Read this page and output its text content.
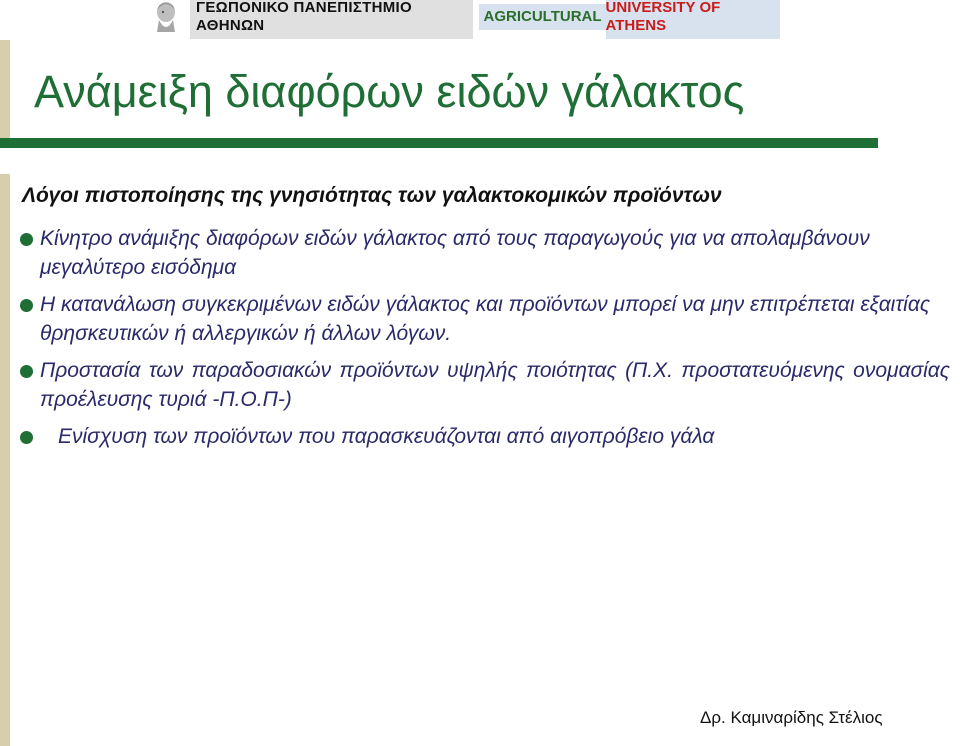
ΓΕΩΠΟΝΙΚΟ ΠΑΝΕΠΙΣΤΗΜΙΟ ΑΘΗΝΩΝ
AGRICULTURAL
UNIVERSITY OF ATHENS
Ανάμειξη διαφόρων ειδών γάλακτος

Λόγοι πιστοποίησης της γνησιότητας των γαλακτοκομικών προϊόντων

Κίνητρο ανάμιξης διαφόρων ειδών γάλακτος από τους παραγωγούς για να απολαμβάνουν μεγαλύτερο εισόδημα
Η κατανάλωση συγκεκριμένων ειδών γάλακτος και προϊόντων μπορεί να μην επιτρέπεται εξαιτίας θρησκευτικών ή αλλεργικών ή άλλων λόγων.
Προστασία των παραδοσιακών προϊόντων υψηλής ποιότητας (Π.Χ. προστατευόμενης ονομασίας προέλευσης τυριά -Π.Ο.Π-)
Ενίσχυση των προϊόντων που παρασκευάζονται από αιγοπρόβειο γάλα
Δρ. Καμιναρίδης Στέλιος
